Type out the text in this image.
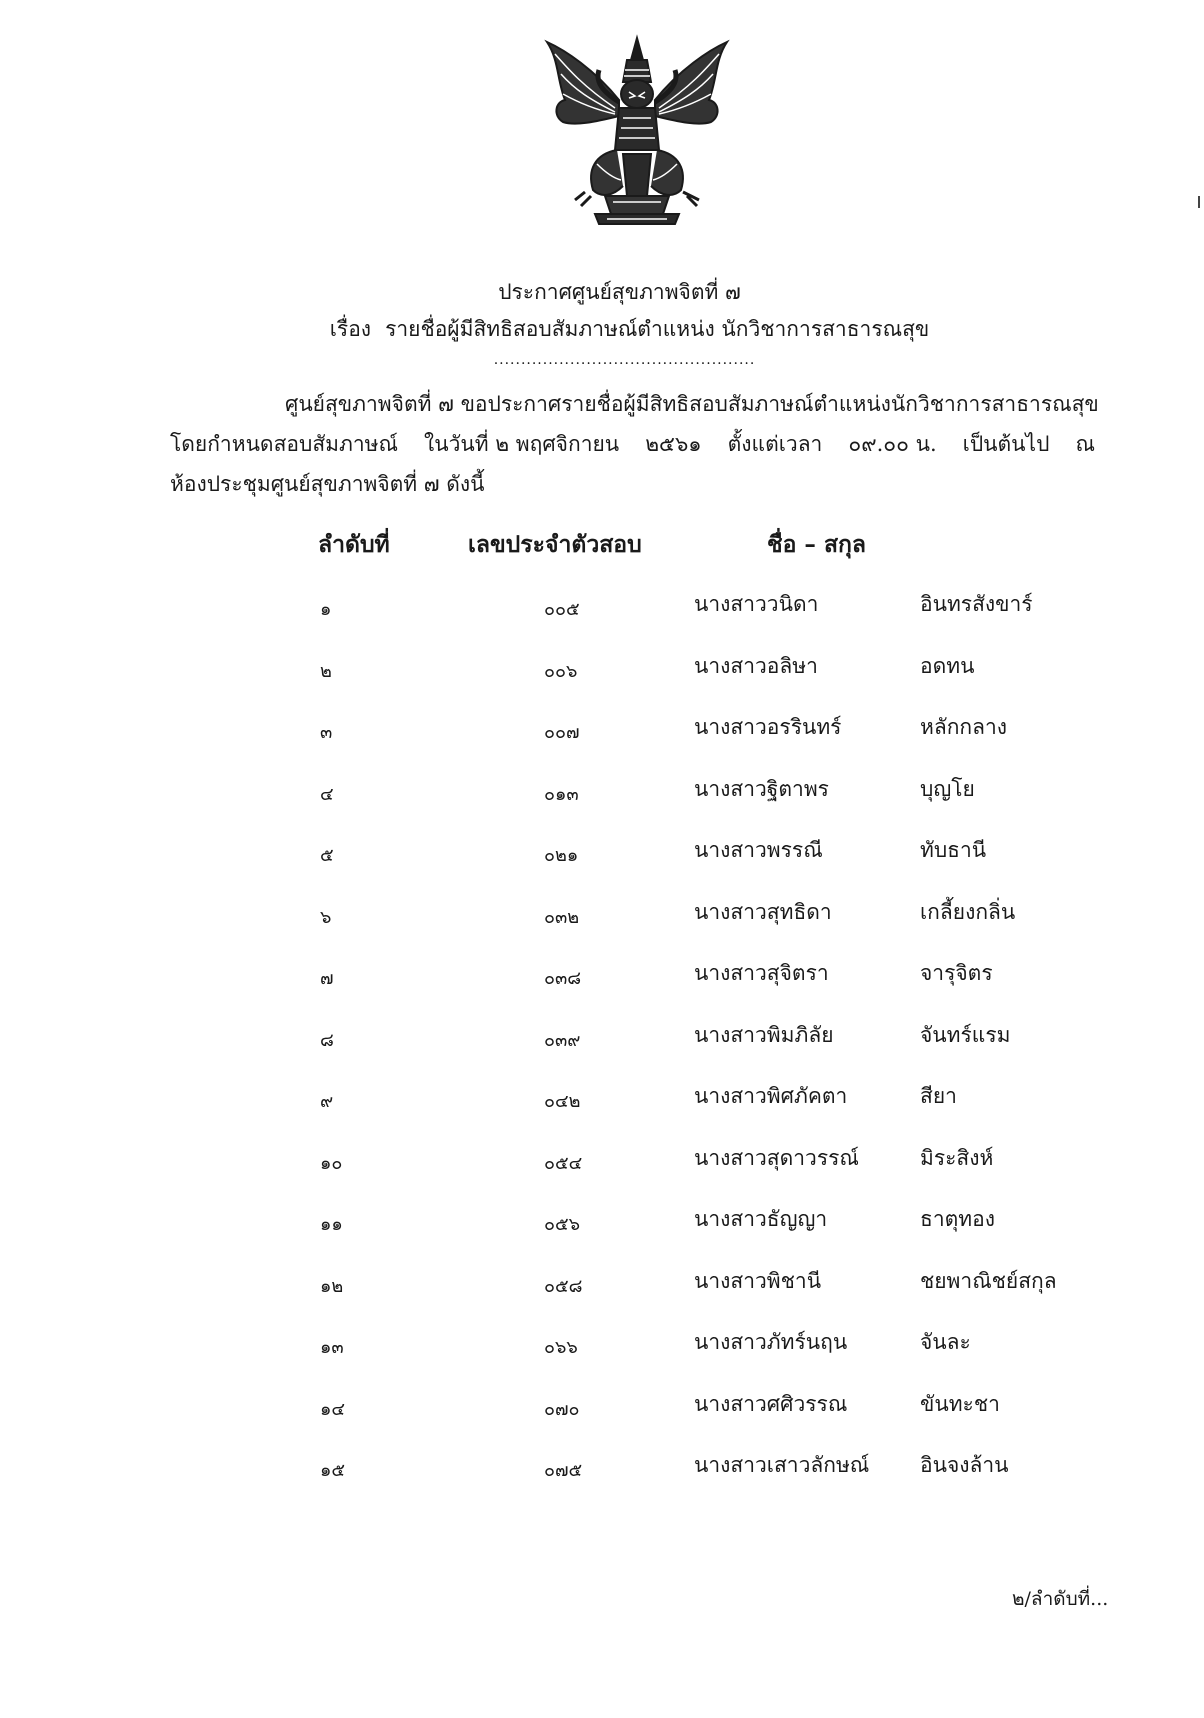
ประกาศศูนย์สุขภาพจิตที่ ๗
เรื่อง รายชื่อผู้มีสิทธิสอบสัมภาษณ์ตำแหน่ง นักวิชาการสาธารณสุข
................................................
ศูนย์สุขภาพจิตที่ ๗ ขอประกาศรายชื่อผู้มีสิทธิสอบสัมภาษณ์ตำแหน่งนักวิชาการสาธารณสุข
โดยกำหนดสอบสัมภาษณ์ ในวันที่ ๒ พฤศจิกายน ๒๕๖๑ ตั้งแต่เวลา ๐๙.๐๐ น. เป็นต้นไป ณ
ห้องประชุมศูนย์สุขภาพจิตที่ ๗ ดังนี้
ลำดับที่	เลขประจำตัวสอบ	ชื่อ – สกุล
๑	๐๐๕	นางสาววนิดา	อินทรสังขาร์
๒	๐๐๖	นางสาวอลิษา	อดทน
๓	๐๐๗	นางสาวอรรินทร์	หลักกลาง
๔	๐๑๓	นางสาวฐิตาพร	บุญโย
๕	๐๒๑	นางสาวพรรณี	ทับธานี
๖	๐๓๒	นางสาวสุทธิดา	เกลี้ยงกลิ่น
๗	๐๓๘	นางสาวสุจิตรา	จารุจิตร
๘	๐๓๙	นางสาวพิมภิลัย	จันทร์แรม
๙	๐๔๒	นางสาวพิศภัคตา	สียา
๑๐	๐๕๔	นางสาวสุดาวรรณ์	มิระสิงห์
๑๑	๐๕๖	นางสาวธัญญา	ธาตุทอง
๑๒	๐๕๘	นางสาวพิชานี	ชยพาณิชย์สกุล
๑๓	๐๖๖	นางสาวภัทร์นฤน	จันละ
๑๔	๐๗๐	นางสาวศศิวรรณ	ขันทะชา
๑๕	๐๗๕	นางสาวเสาวลักษณ์	อินจงล้าน
๒/ลำดับที่...
